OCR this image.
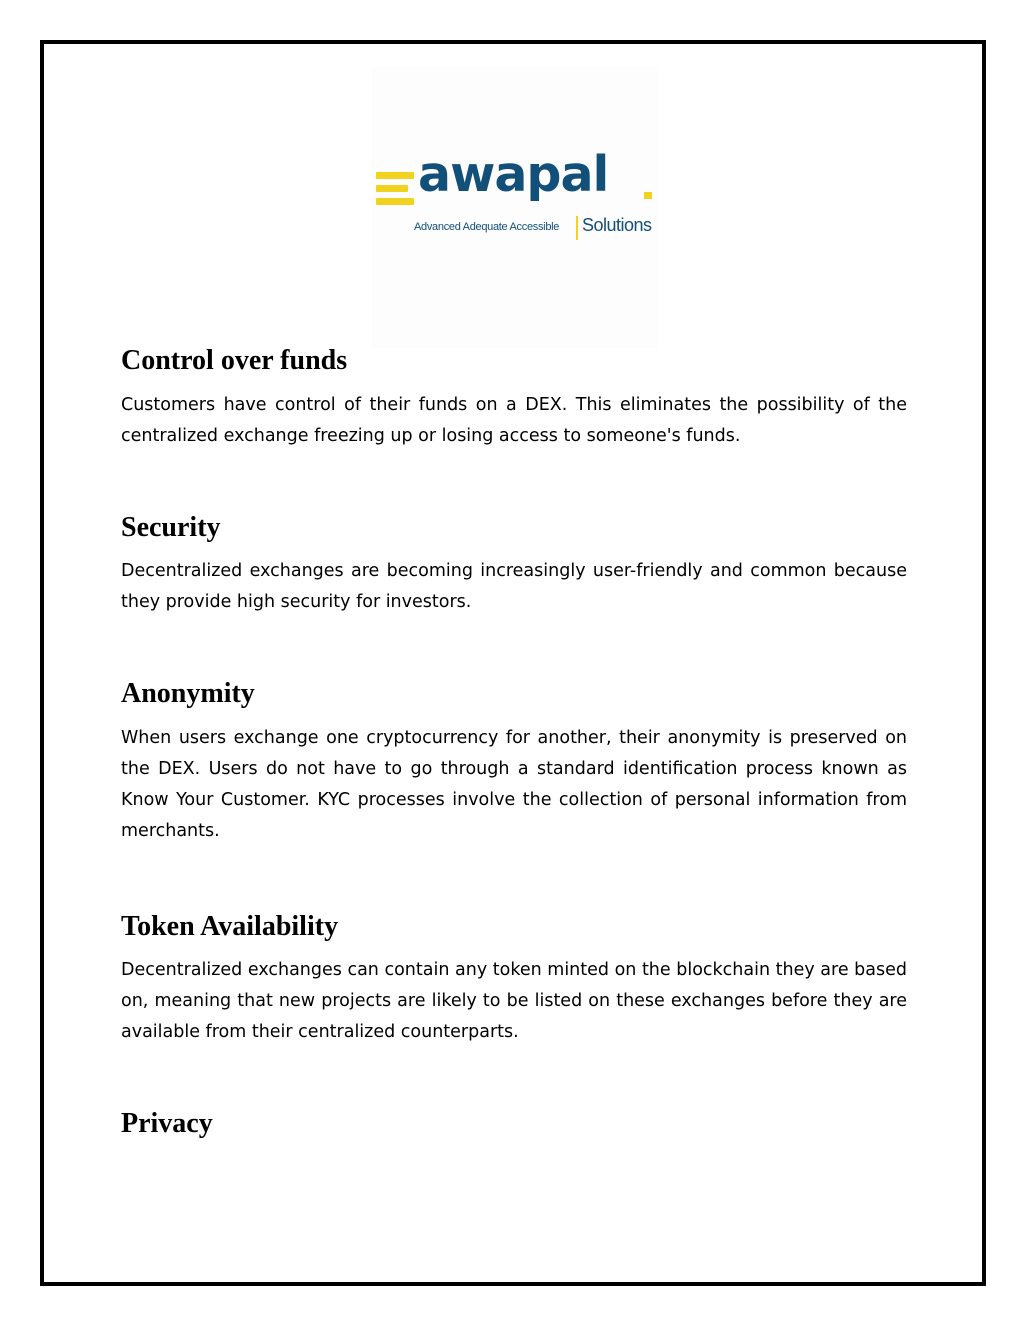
awapal
Advanced Adequate Accessible Solutions
Control over funds

Customers have control of their funds on a DEX. This eliminates the possibility of the centralized exchange freezing up or losing access to someone's funds.

Security

Decentralized exchanges are becoming increasingly user-friendly and common because they provide high security for investors.

Anonymity

When users exchange one cryptocurrency for another, their anonymity is preserved on the DEX. Users do not have to go through a standard identification process known as Know Your Customer. KYC processes involve the collection of personal information from merchants.

Token Availability

Decentralized exchanges can contain any token minted on the blockchain they are based on, meaning that new projects are likely to be listed on these exchanges before they are available from their centralized counterparts.

Privacy
